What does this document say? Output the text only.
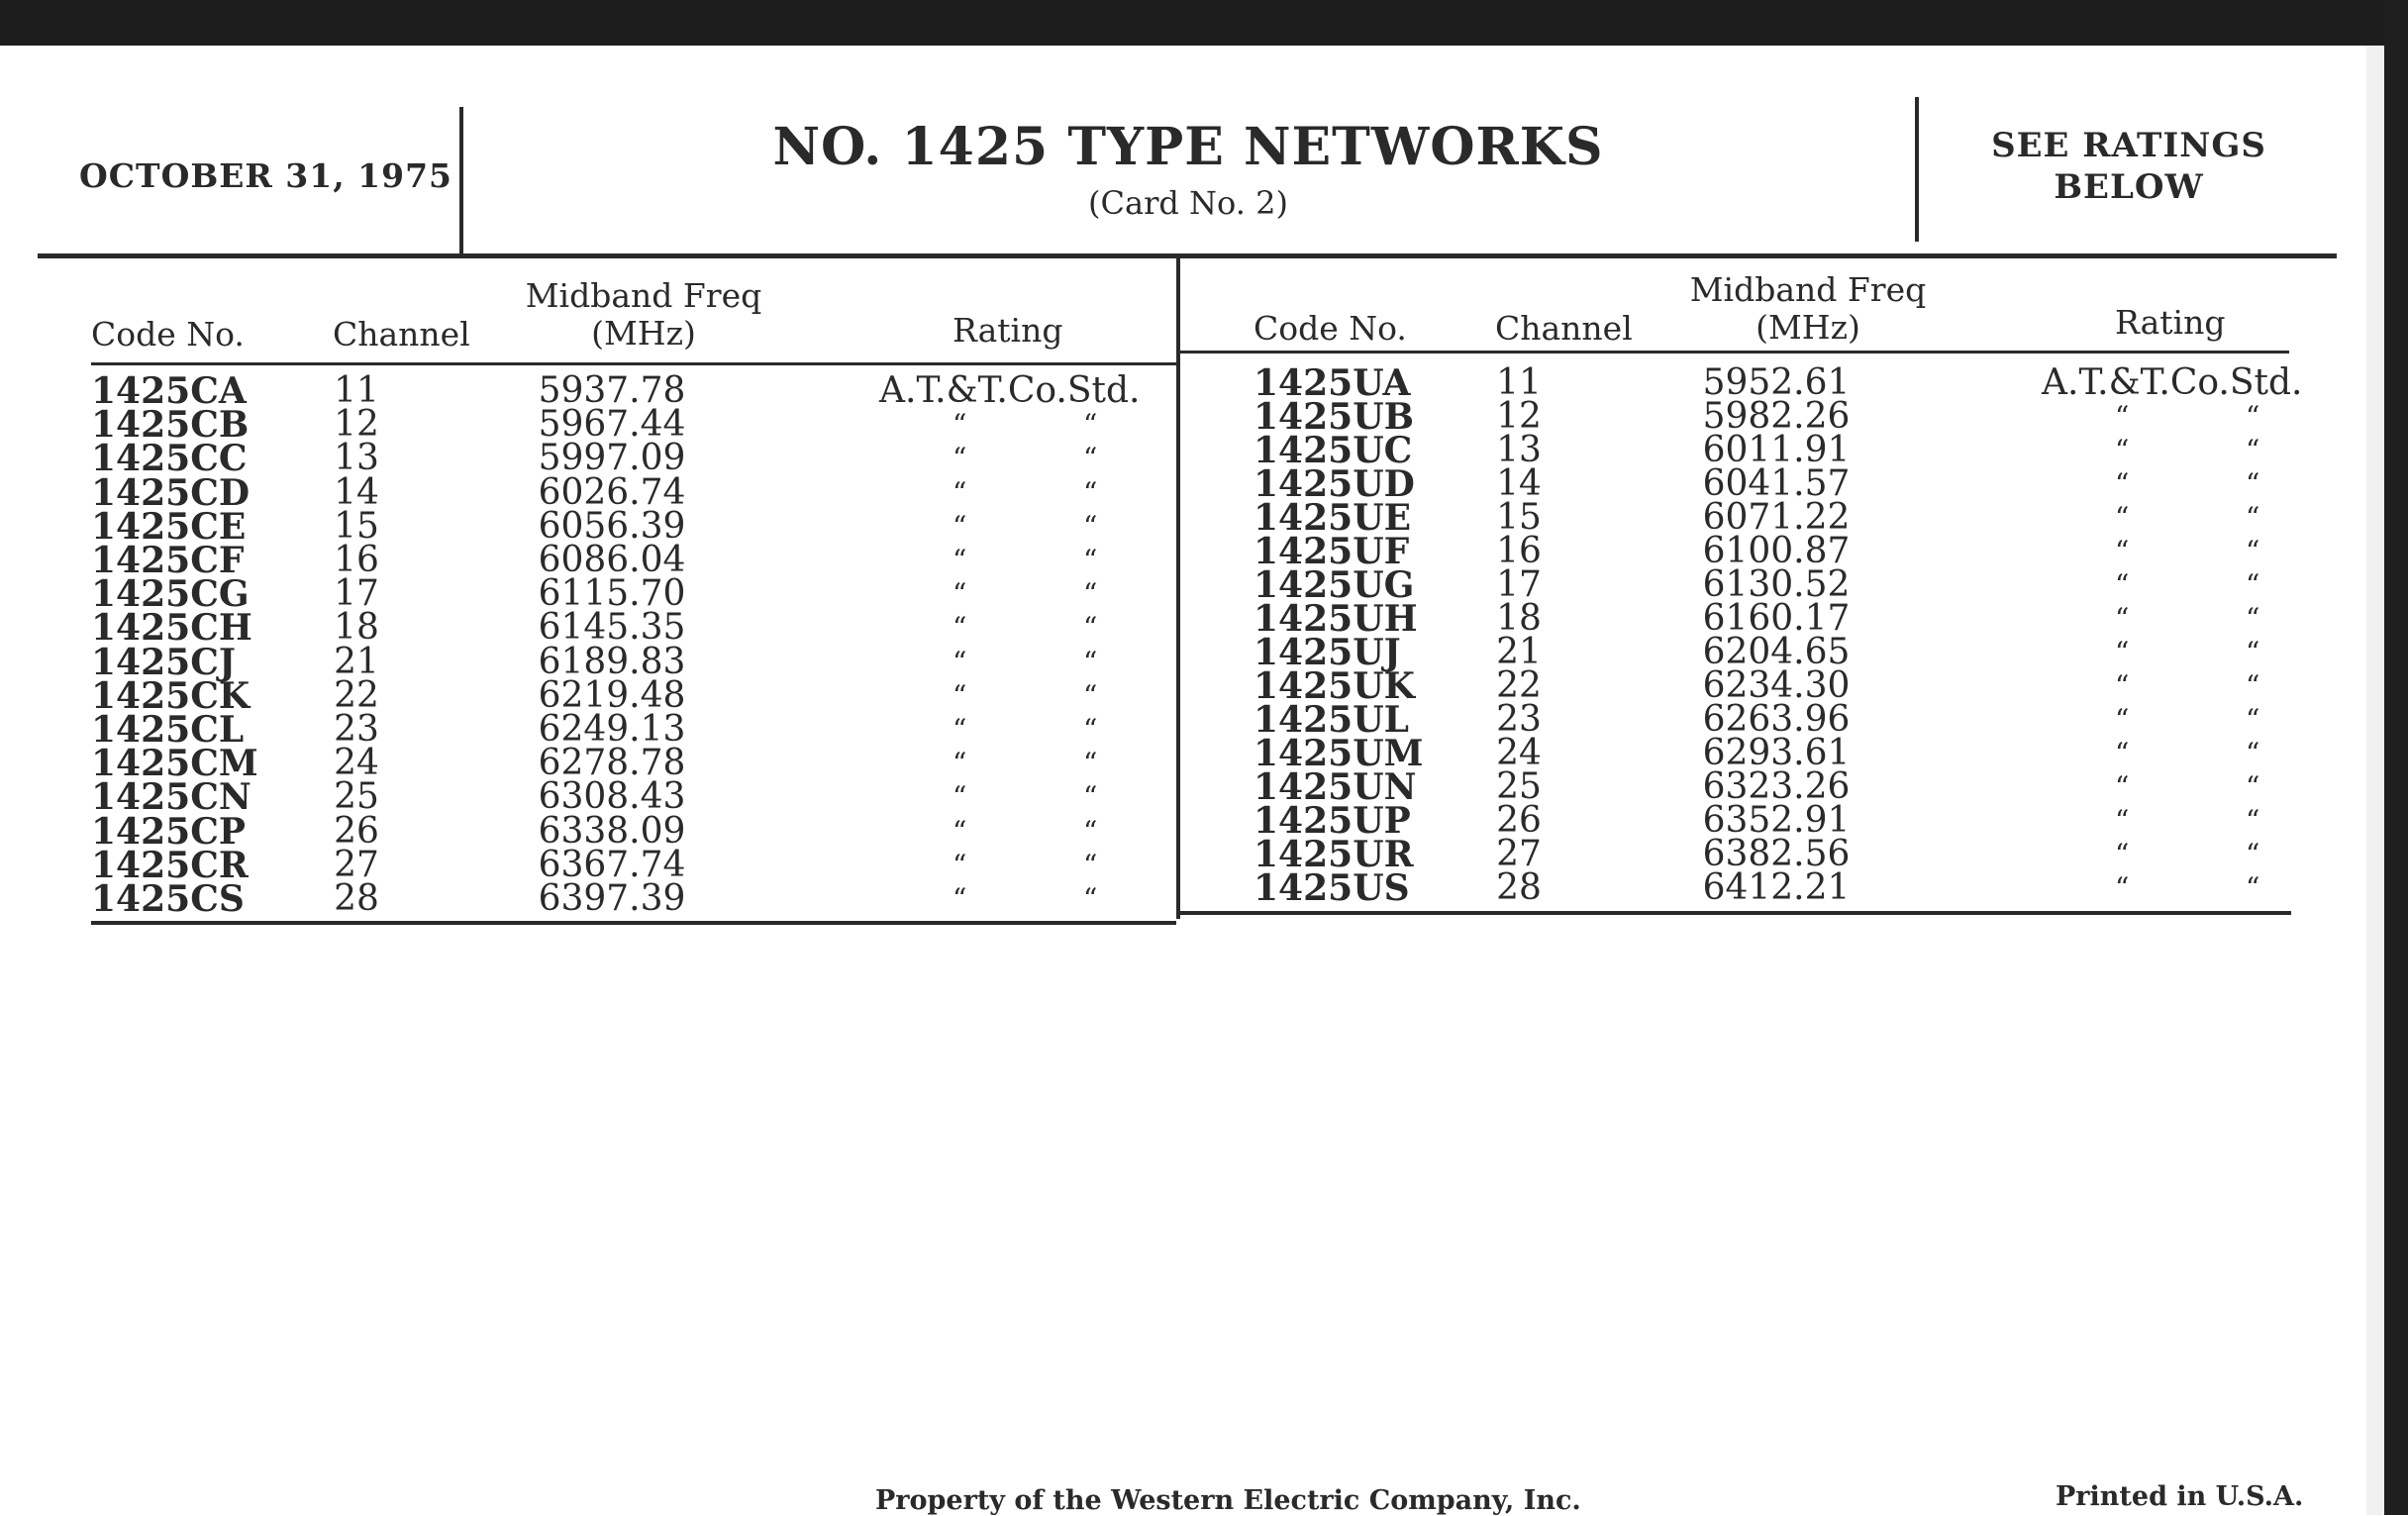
OCTOBER 31, 1975	NO. 1425 TYPE NETWORKS
(Card No. 2)
SEE RATINGS
BELOW
Code No.	Channel
Midband Freq
(MHz)	Rating
1425CA	11	5937.78	A.T.&T.Co.Std.
1425CB	12	5967.44	“	“
1425CC	13	5997.09	“	“
1425CD	14	6026.74	“	“
1425CE	15	6056.39	“	“
1425CF	16	6086.04	“	“
1425CG	17	6115.70	“	“
1425CH	18	6145.35	“	“
1425CJ	21	6189.83	“	“
1425CK	22	6219.48	“	“
1425CL	23	6249.13	“	“
1425CM	24	6278.78	“	“
1425CN	25	6308.43	“	“
1425CP	26	6338.09	“	“
1425CR	27	6367.74	“	“
1425CS	28	6397.39	“	“
Code No.	Channel
Midband Freq
(MHz)	Rating
1425UA	11	5952.61	A.T.&T.Co.Std.
1425UB	12	5982.26	“	“
1425UC	13	6011.91	“	“
1425UD	14	6041.57	“	“
1425UE	15	6071.22	“	“
1425UF	16	6100.87	“	“
1425UG	17	6130.52	“	“
1425UH	18	6160.17	“	“
1425UJ	21	6204.65	“	“
1425UK	22	6234.30	“	“
1425UL	23	6263.96	“	“
1425UM	24	6293.61	“	“
1425UN	25	6323.26	“	“
1425UP	26	6352.91	“	“
1425UR	27	6382.56	“	“
1425US	28	6412.21	“	“
Property of the Western Electric Company, Inc.	Printed in U.S.A.
